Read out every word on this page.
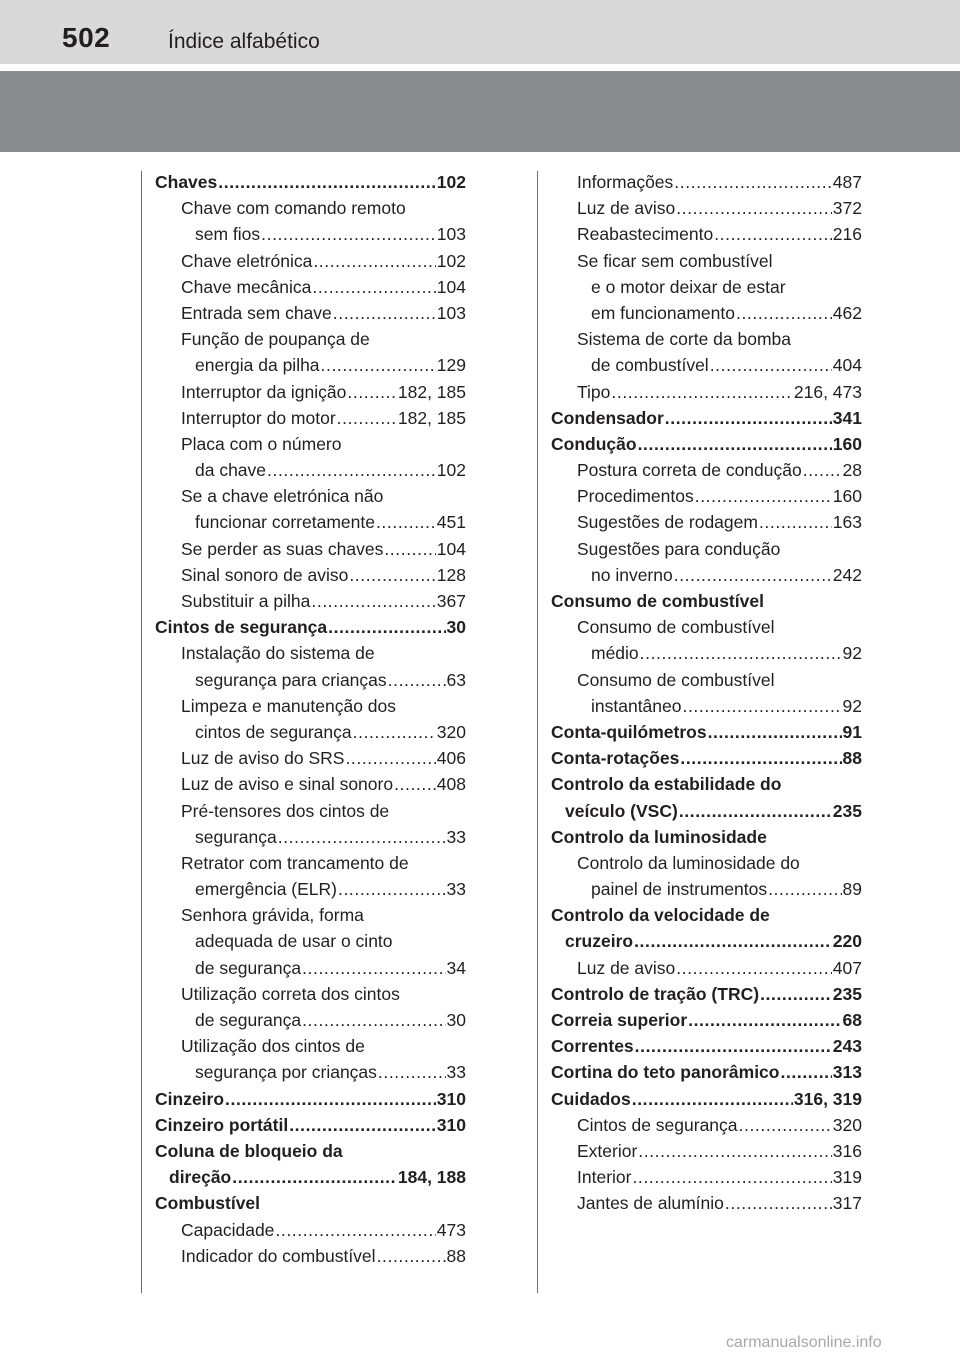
502	Índice alfabético
Chaves .....	102
Chave com comando remoto
sem fios .....	103
Chave eletrónica .....	102
Chave mecânica .....	104
Entrada sem chave .....	103
Função de poupança de
energia da pilha .....	129
Interruptor da ignição .....	182, 185
Interruptor do motor .....	182, 185
Placa com o número
da chave .....	102
Se a chave eletrónica não
funcionar corretamente .....	451
Se perder as suas chaves .....	104
Sinal sonoro de aviso .....	128
Substituir a pilha .....	367
Cintos de segurança .....	30
Instalação do sistema de
segurança para crianças .....	63
Limpeza e manutenção dos
cintos de segurança .....	320
Luz de aviso do SRS .....	406
Luz de aviso e sinal sonoro ..... 408
Pré-tensores dos cintos de
segurança .....	33
Retrator com trancamento de
emergência (ELR) .....	33
Senhora grávida, forma
adequada de usar o cinto
de segurança .....	34
Utilização correta dos cintos
de segurança .....	30
Utilização dos cintos de
segurança por crianças .....	33
Cinzeiro .....	310
Cinzeiro portátil .....	310
Coluna de bloqueio da
direção .....	184, 188
Combustível
Capacidade .....	473
Indicador do combustível .....	88
Informações .....	487
Luz de aviso .....	372
Reabastecimento .....	216
Se ficar sem combustível
e o motor deixar de estar
em funcionamento .....	462
Sistema de corte da bomba
de combustível .....	404
Tipo .....	216, 473
Condensador .....	341
Condução .....	160
Postura correta de condução ..... 28
Procedimentos .....	160
Sugestões de rodagem .....	163
Sugestões para condução
no inverno .....	242
Consumo de combustível
Consumo de combustível
médio .....	92
Consumo de combustível
instantâneo .....	92
Conta-quilómetros .....	91
Conta-rotações .....	88
Controlo da estabilidade do
veículo (VSC) .....	235
Controlo da luminosidade
Controlo da luminosidade do
painel de instrumentos .....	89
Controlo da velocidade de
cruzeiro .....	220
Luz de aviso .....	407
Controlo de tração (TRC) .....	235
Correia superior .....	68
Correntes .....	243
Cortina do teto panorâmico .....	313
Cuidados .....	316, 319
Cintos de segurança .....	320
Exterior .....	316
Interior .....	319
Jantes de alumínio .....	317
carmanualsonline.info
